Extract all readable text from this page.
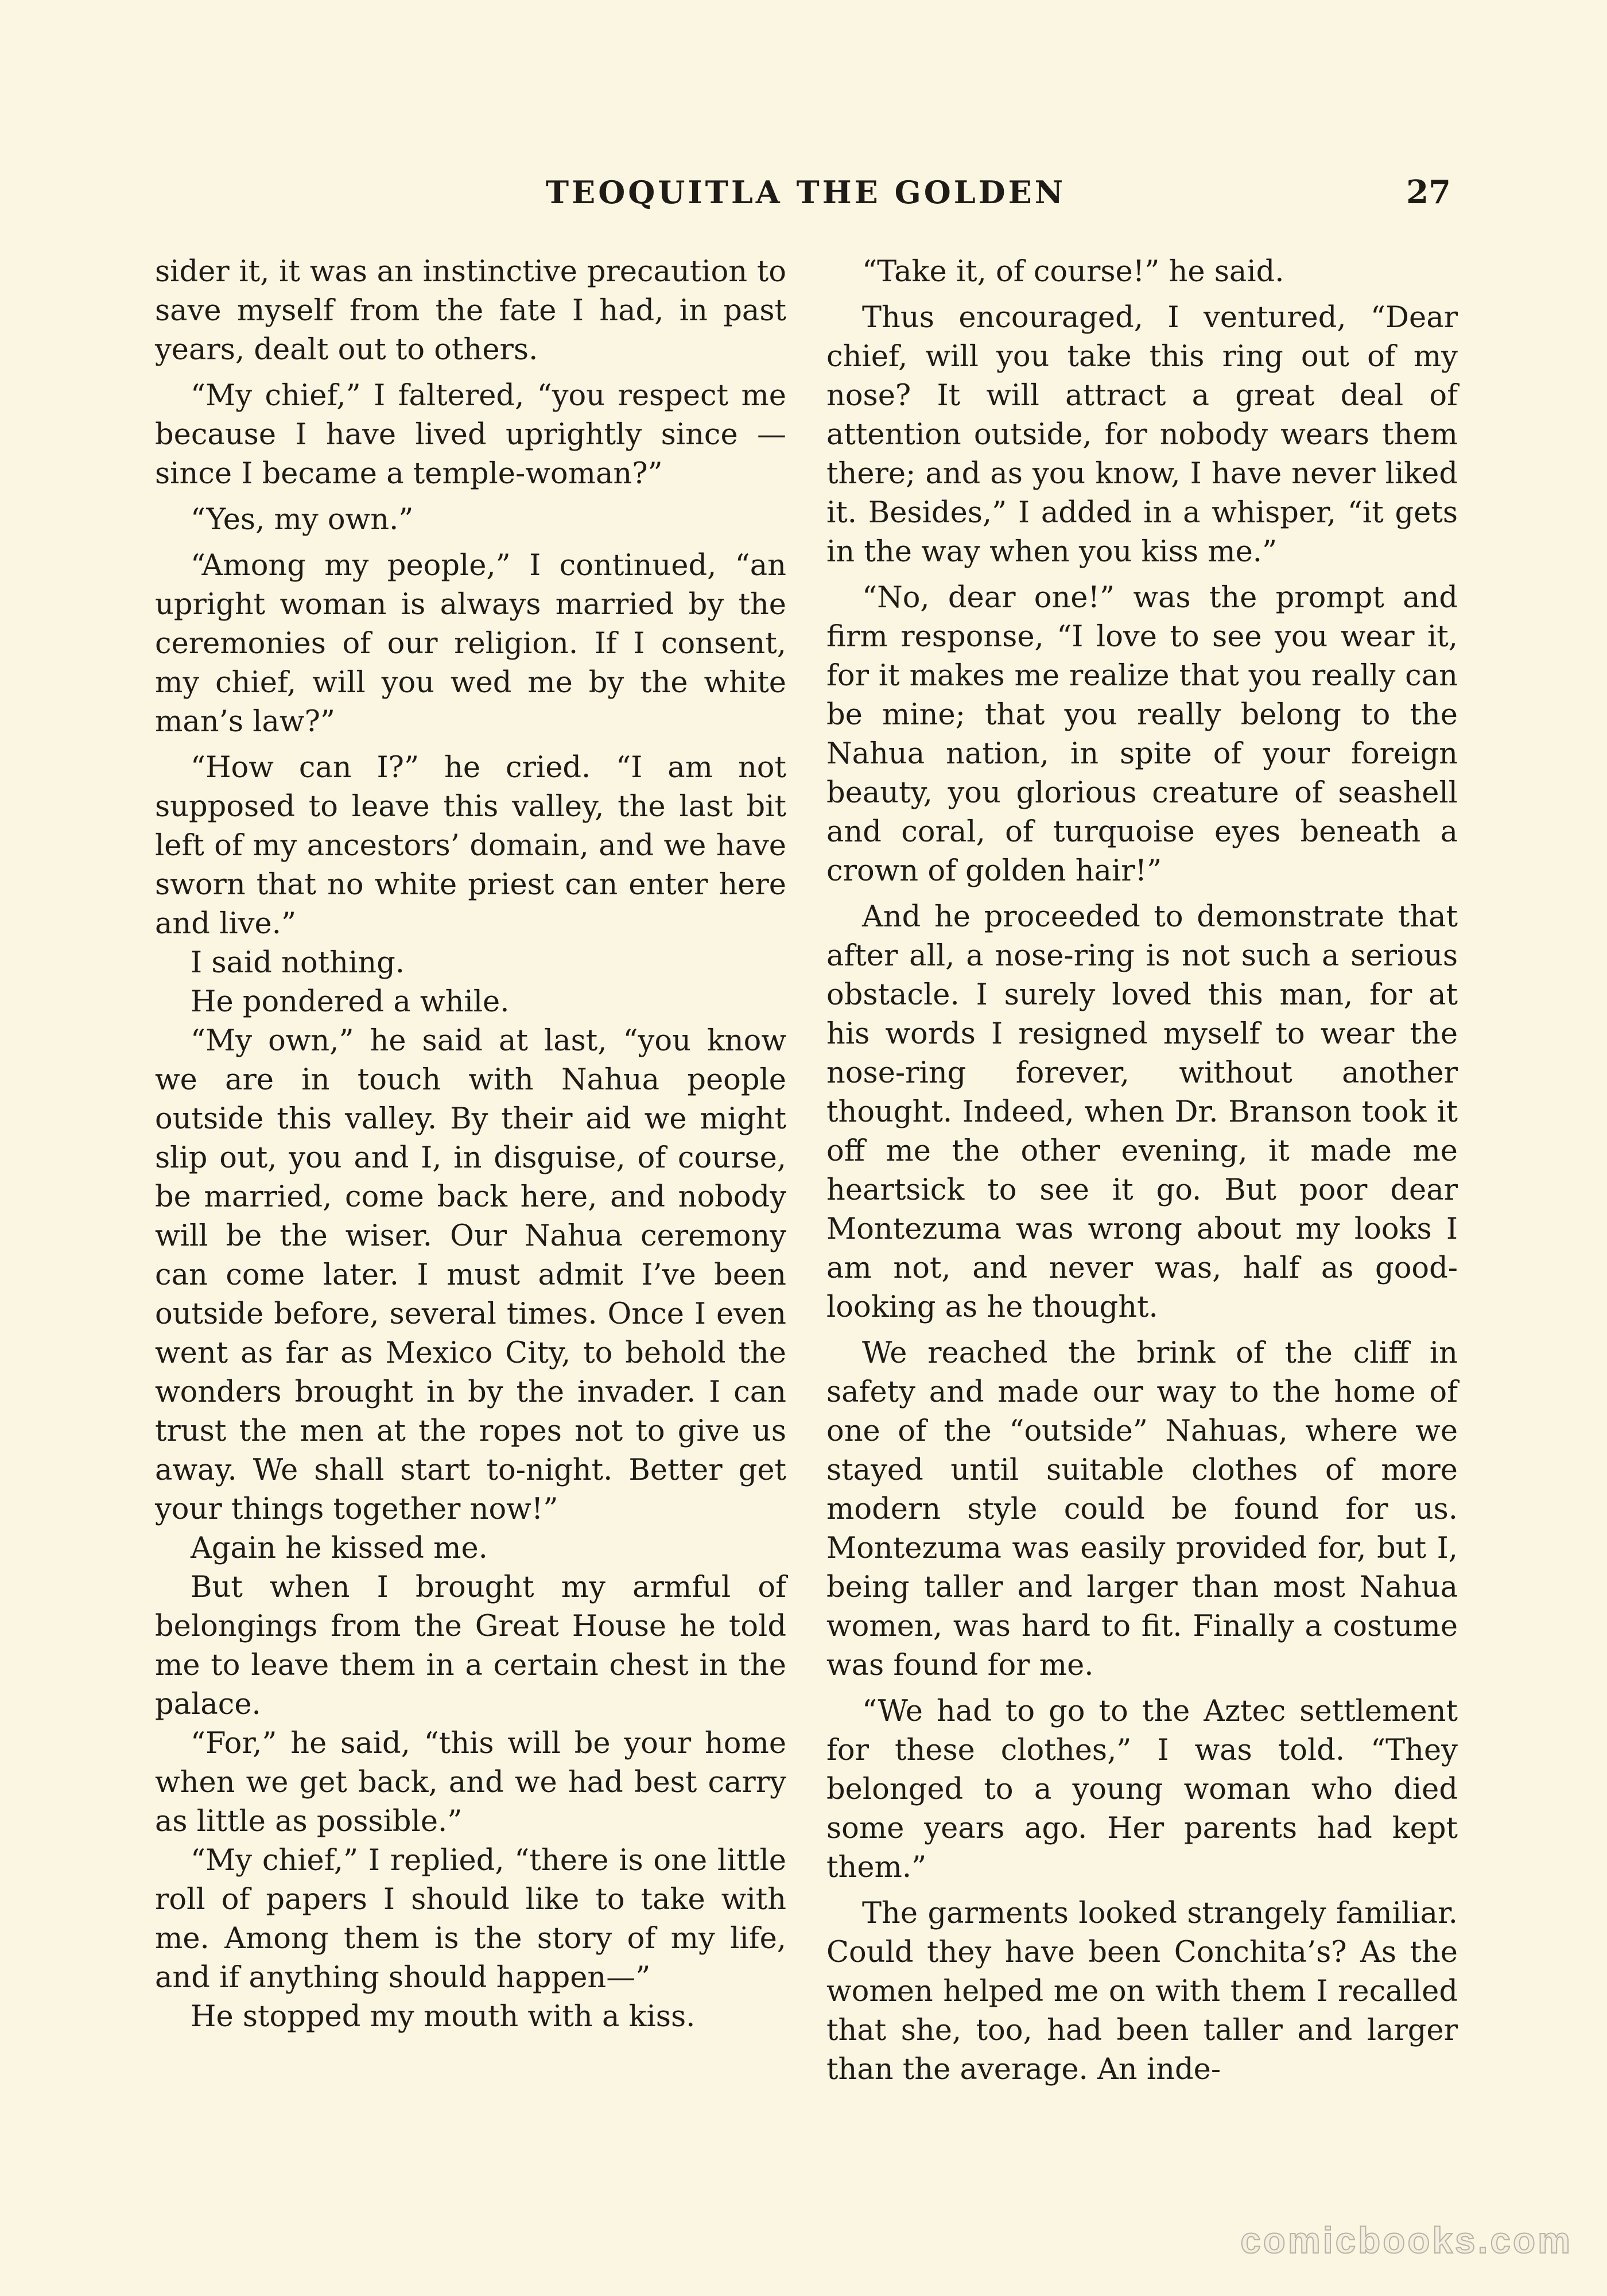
TEOQUITLA THE GOLDEN	27

sider it, it was an instinctive precaution to save myself from the fate I had, in past years, dealt out to others.

“My chief,” I faltered, “you respect me because I have lived uprightly since —since I became a temple-woman?”

“Yes, my own.”

“Among my people,” I continued, “an upright woman is always married by the ceremonies of our religion. If I consent, my chief, will you wed me by the white man’s law?”

“How can I?” he cried. “I am not supposed to leave this valley, the last bit left of my ancestors’ domain, and we have sworn that no white priest can enter here and live.”

I said nothing.

He pondered a while.

“My own,” he said at last, “you know we are in touch with Nahua people outside this valley. By their aid we might slip out, you and I, in disguise, of course, be married, come back here, and nobody will be the wiser. Our Nahua ceremony can come later. I must admit I’ve been outside before, several times. Once I even went as far as Mexico City, to behold the wonders brought in by the invader. I can trust the men at the ropes not to give us away. We shall start to-night. Better get your things together now!”

Again he kissed me.

But when I brought my armful of belongings from the Great House he told me to leave them in a certain chest in the palace.

“For,” he said, “this will be your home when we get back, and we had best carry as little as possible.”

“My chief,” I replied, “there is one little roll of papers I should like to take with me. Among them is the story of my life, and if anything should happen—”

He stopped my mouth with a kiss.

“Take it, of course!” he said.

Thus encouraged, I ventured, “Dear chief, will you take this ring out of my nose? It will attract a great deal of attention outside, for nobody wears them there; and as you know, I have never liked it. Besides,” I added in a whisper, “it gets in the way when you kiss me.”

“No, dear one!” was the prompt and firm response, “I love to see you wear it, for it makes me realize that you really can be mine; that you really belong to the Nahua nation, in spite of your foreign beauty, you glorious creature of seashell and coral, of turquoise eyes beneath a crown of golden hair!”

And he proceeded to demonstrate that after all, a nose-ring is not such a serious obstacle. I surely loved this man, for at his words I resigned myself to wear the nose-ring forever, without another thought. Indeed, when Dr. Branson took it off me the other evening, it made me heartsick to see it go. But poor dear Montezuma was wrong about my looks I am not, and never was, half as good-looking as he thought.

We reached the brink of the cliff in safety and made our way to the home of one of the “outside” Nahuas, where we stayed until suitable clothes of more modern style could be found for us. Montezuma was easily provided for, but I, being taller and larger than most Nahua women, was hard to fit. Finally a costume was found for me.

“We had to go to the Aztec settlement for these clothes,” I was told. “They belonged to a young woman who died some years ago. Her parents had kept them.”

The garments looked strangely familiar. Could they have been Conchita’s? As the women helped me on with them I recalled that she, too, had been taller and larger than the average. An inde-

comicbooks.com
